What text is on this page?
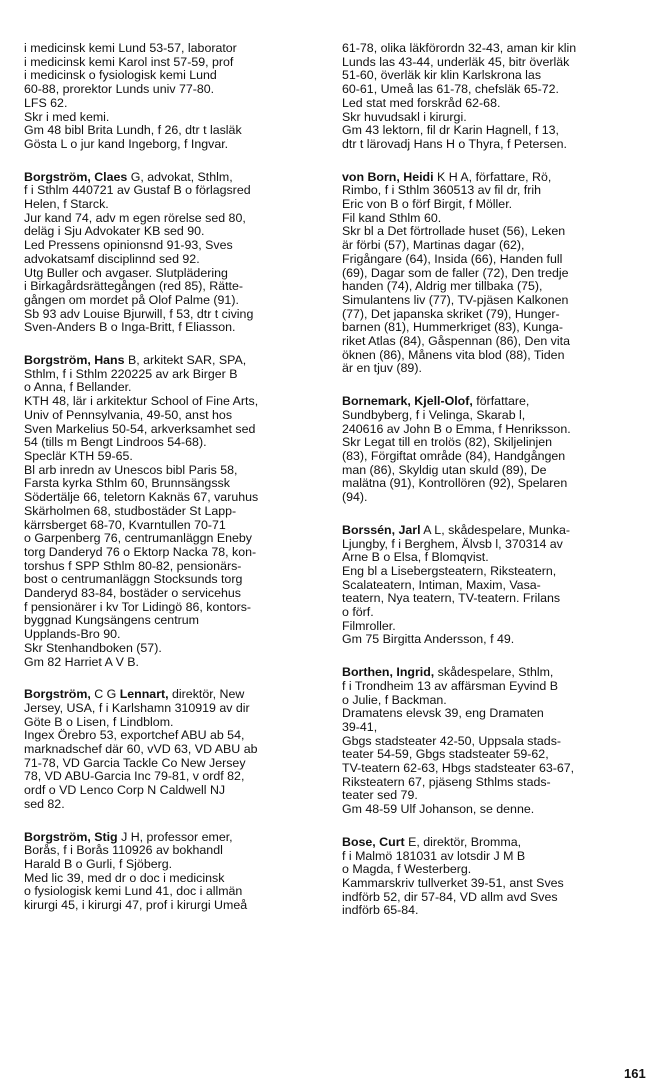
i medicinsk kemi Lund 53-57, laborator
i medicinsk kemi Karol inst 57-59, prof
i medicinsk o fysiologisk kemi Lund
60-88, prorektor Lunds univ 77-80.
LFS 62.
Skr i med kemi.
Gm 48 bibl Brita Lundh, f 26, dtr t lasläk
Gösta L o jur kand Ingeborg, f Ingvar.
Borgström, Claes G, advokat, Sthlm,
f i Sthlm 440721 av Gustaf B o förlagsred
Helen, f Starck.
Jur kand 74, adv m egen rörelse sed 80,
deläg i Sju Advokater KB sed 90.
Led Pressens opinionsnd 91-93, Sves
advokatsamf disciplinnd sed 92.
Utg Buller och avgaser. Slutplädering
i Birkagårdsrättegången (red 85), Rätte-
gången om mordet på Olof Palme (91).
Sb 93 adv Louise Bjurwill, f 53, dtr t civing
Sven-Anders B o Inga-Britt, f Eliasson.
Borgström, Hans B, arkitekt SAR, SPA,
Sthlm, f i Sthlm 220225 av ark Birger B
o Anna, f Bellander.
KTH 48, lär i arkitektur School of Fine Arts,
Univ of Pennsylvania, 49-50, anst hos
Sven Markelius 50-54, arkverksamhet sed
54 (tills m Bengt Lindroos 54-68).
Speclär KTH 59-65.
Bl arb inredn av Unescos bibl Paris 58,
Farsta kyrka Sthlm 60, Brunnsängssk
Södertälje 66, teletorn Kaknäs 67, varuhus
Skärholmen 68, studbostäder St Lapp-
kärrsberget 68-70, Kvarntullen 70-71
o Garpenberg 76, centrumanläggn Eneby
torg Danderyd 76 o Ektorp Nacka 78, kon-
torshus f SPP Sthlm 80-82, pensionärs-
bost o centrumanläggn Stocksunds torg
Danderyd 83-84, bostäder o servicehus
f pensionärer i kv Tor Lidingö 86, kontors-
byggnad Kungsängens centrum
Upplands-Bro 90.
Skr Stenhandboken (57).
Gm 82 Harriet A V B.
Borgström, C G Lennart, direktör, New
Jersey, USA, f i Karlshamn 310919 av dir
Göte B o Lisen, f Lindblom.
Ingex Örebro 53, exportchef ABU ab 54,
marknadschef där 60, vVD 63, VD ABU ab
71-78, VD Garcia Tackle Co New Jersey
78, VD ABU-Garcia Inc 79-81, v ordf 82,
ordf o VD Lenco Corp N Caldwell NJ
sed 82.
Borgström, Stig J H, professor emer,
Borås, f i Borås 110926 av bokhandl
Harald B o Gurli, f Sjöberg.
Med lic 39, med dr o doc i medicinsk
o fysiologisk kemi Lund 41, doc i allmän
kirurgi 45, i kirurgi 47, prof i kirurgi Umeå
61-78, olika läkförordn 32-43, aman kir klin
Lunds las 43-44, underläk 45, bitr överläk
51-60, överläk kir klin Karlskrona las
60-61, Umeå las 61-78, chefsläk 65-72.
Led stat med forskråd 62-68.
Skr huvudsakl i kirurgi.
Gm 43 lektorn, fil dr Karin Hagnell, f 13,
dtr t lärovadj Hans H o Thyra, f Petersen.
von Born, Heidi K H A, författare, Rö,
Rimbo, f i Sthlm 360513 av fil dr, frih
Eric von B o förf Birgit, f Möller.
Fil kand Sthlm 60.
Skr bl a Det förtrollade huset (56), Leken
är förbi (57), Martinas dagar (62),
Frigångare (64), Insida (66), Handen full
(69), Dagar som de faller (72), Den tredje
handen (74), Aldrig mer tillbaka (75),
Simulantens liv (77), TV-pjäsen Kalkonen
(77), Det japanska skriket (79), Hunger-
barnen (81), Hummerkriget (83), Kunga-
riket Atlas (84), Gåspennan (86), Den vita
öknen (86), Månens vita blod (88), Tiden
är en tjuv (89).
Bornemark, Kjell-Olof, författare,
Sundbyberg, f i Velinga, Skarab l,
240616 av John B o Emma, f Henriksson.
Skr Legat till en trolös (82), Skiljelinjen
(83), Förgiftat område (84), Handgången
man (86), Skyldig utan skuld (89), De
malätna (91), Kontrollören (92), Spelaren
(94).
Borssén, Jarl A L, skådespelare, Munka-
Ljungby, f i Berghem, Älvsb l, 370314 av
Arne B o Elsa, f Blomqvist.
Eng bl a Lisebergsteatern, Riksteatern,
Scalateatern, Intiman, Maxim, Vasa-
teatern, Nya teatern, TV-teatern. Frilans
o förf.
Filmroller.
Gm 75 Birgitta Andersson, f 49.
Borthen, Ingrid, skådespelare, Sthlm,
f i Trondheim 13 av affärsman Eyvind B
o Julie, f Backman.
Dramatens elevsk 39, eng Dramaten
39-41,
Gbgs stadsteater 42-50, Uppsala stads-
teater 54-59, Gbgs stadsteater 59-62,
TV-teatern 62-63, Hbgs stadsteater 63-67,
Riksteatern 67, pjäseng Sthlms stads-
teater sed 79.
Gm 48-59 Ulf Johanson, se denne.
Bose, Curt E, direktör, Bromma,
f i Malmö 181031 av lotsdir J M B
o Magda, f Westerberg.
Kammarskriv tullverket 39-51, anst Sves
indförb 52, dir 57-84, VD allm avd Sves
indförb 65-84.
161
